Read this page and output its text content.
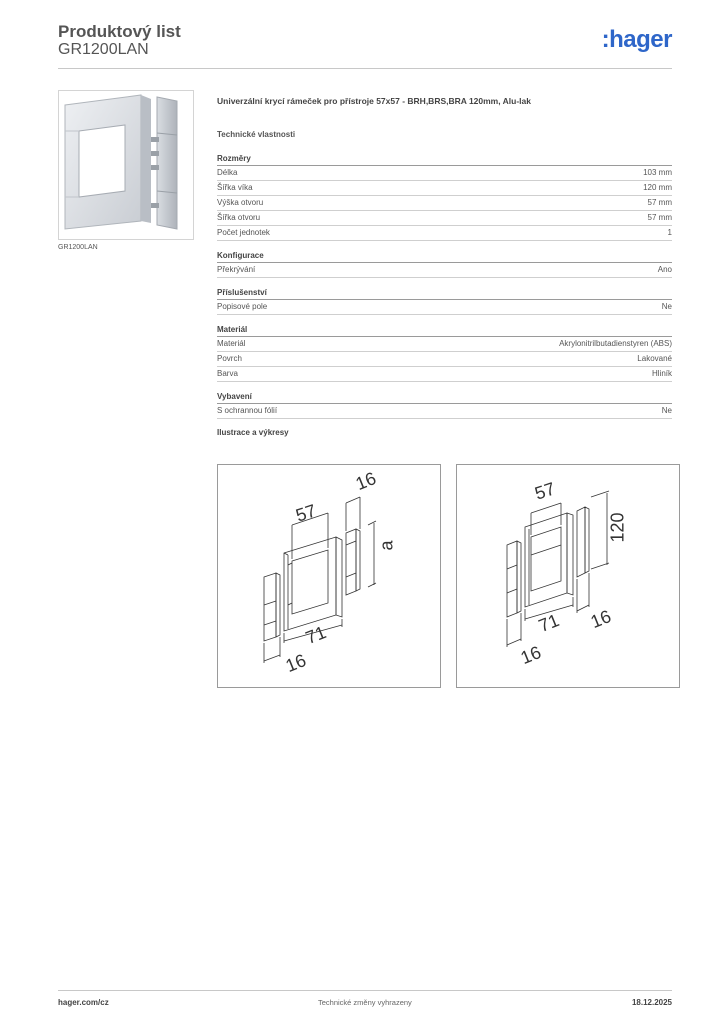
Produktový list
GR1200LAN	:hager
GR1200LAN
Univerzální krycí rámeček pro přístroje 57x57 - BRH,BRS,BRA 120mm, Alu-lak
Technické vlastnosti
Rozměry
Délka	103 mm
Šířka víka	120 mm
Výška otvoru	57 mm
Šířka otvoru	57 mm
Počet jednotek	1
Konfigurace
Překrývání	Ano
Příslušenství
Popisové pole	Ne
Materiál
Materiál	Akrylonitrilbutadienstyren (ABS)
Povrch	Lakované
Barva	Hliník
Vybavení
S ochrannou fólií	Ne
Ilustrace a výkresy
57
16
a
71
16
57
120
71 16
16
hager.com/cz	Technické změny vyhrazeny	18.12.2025
